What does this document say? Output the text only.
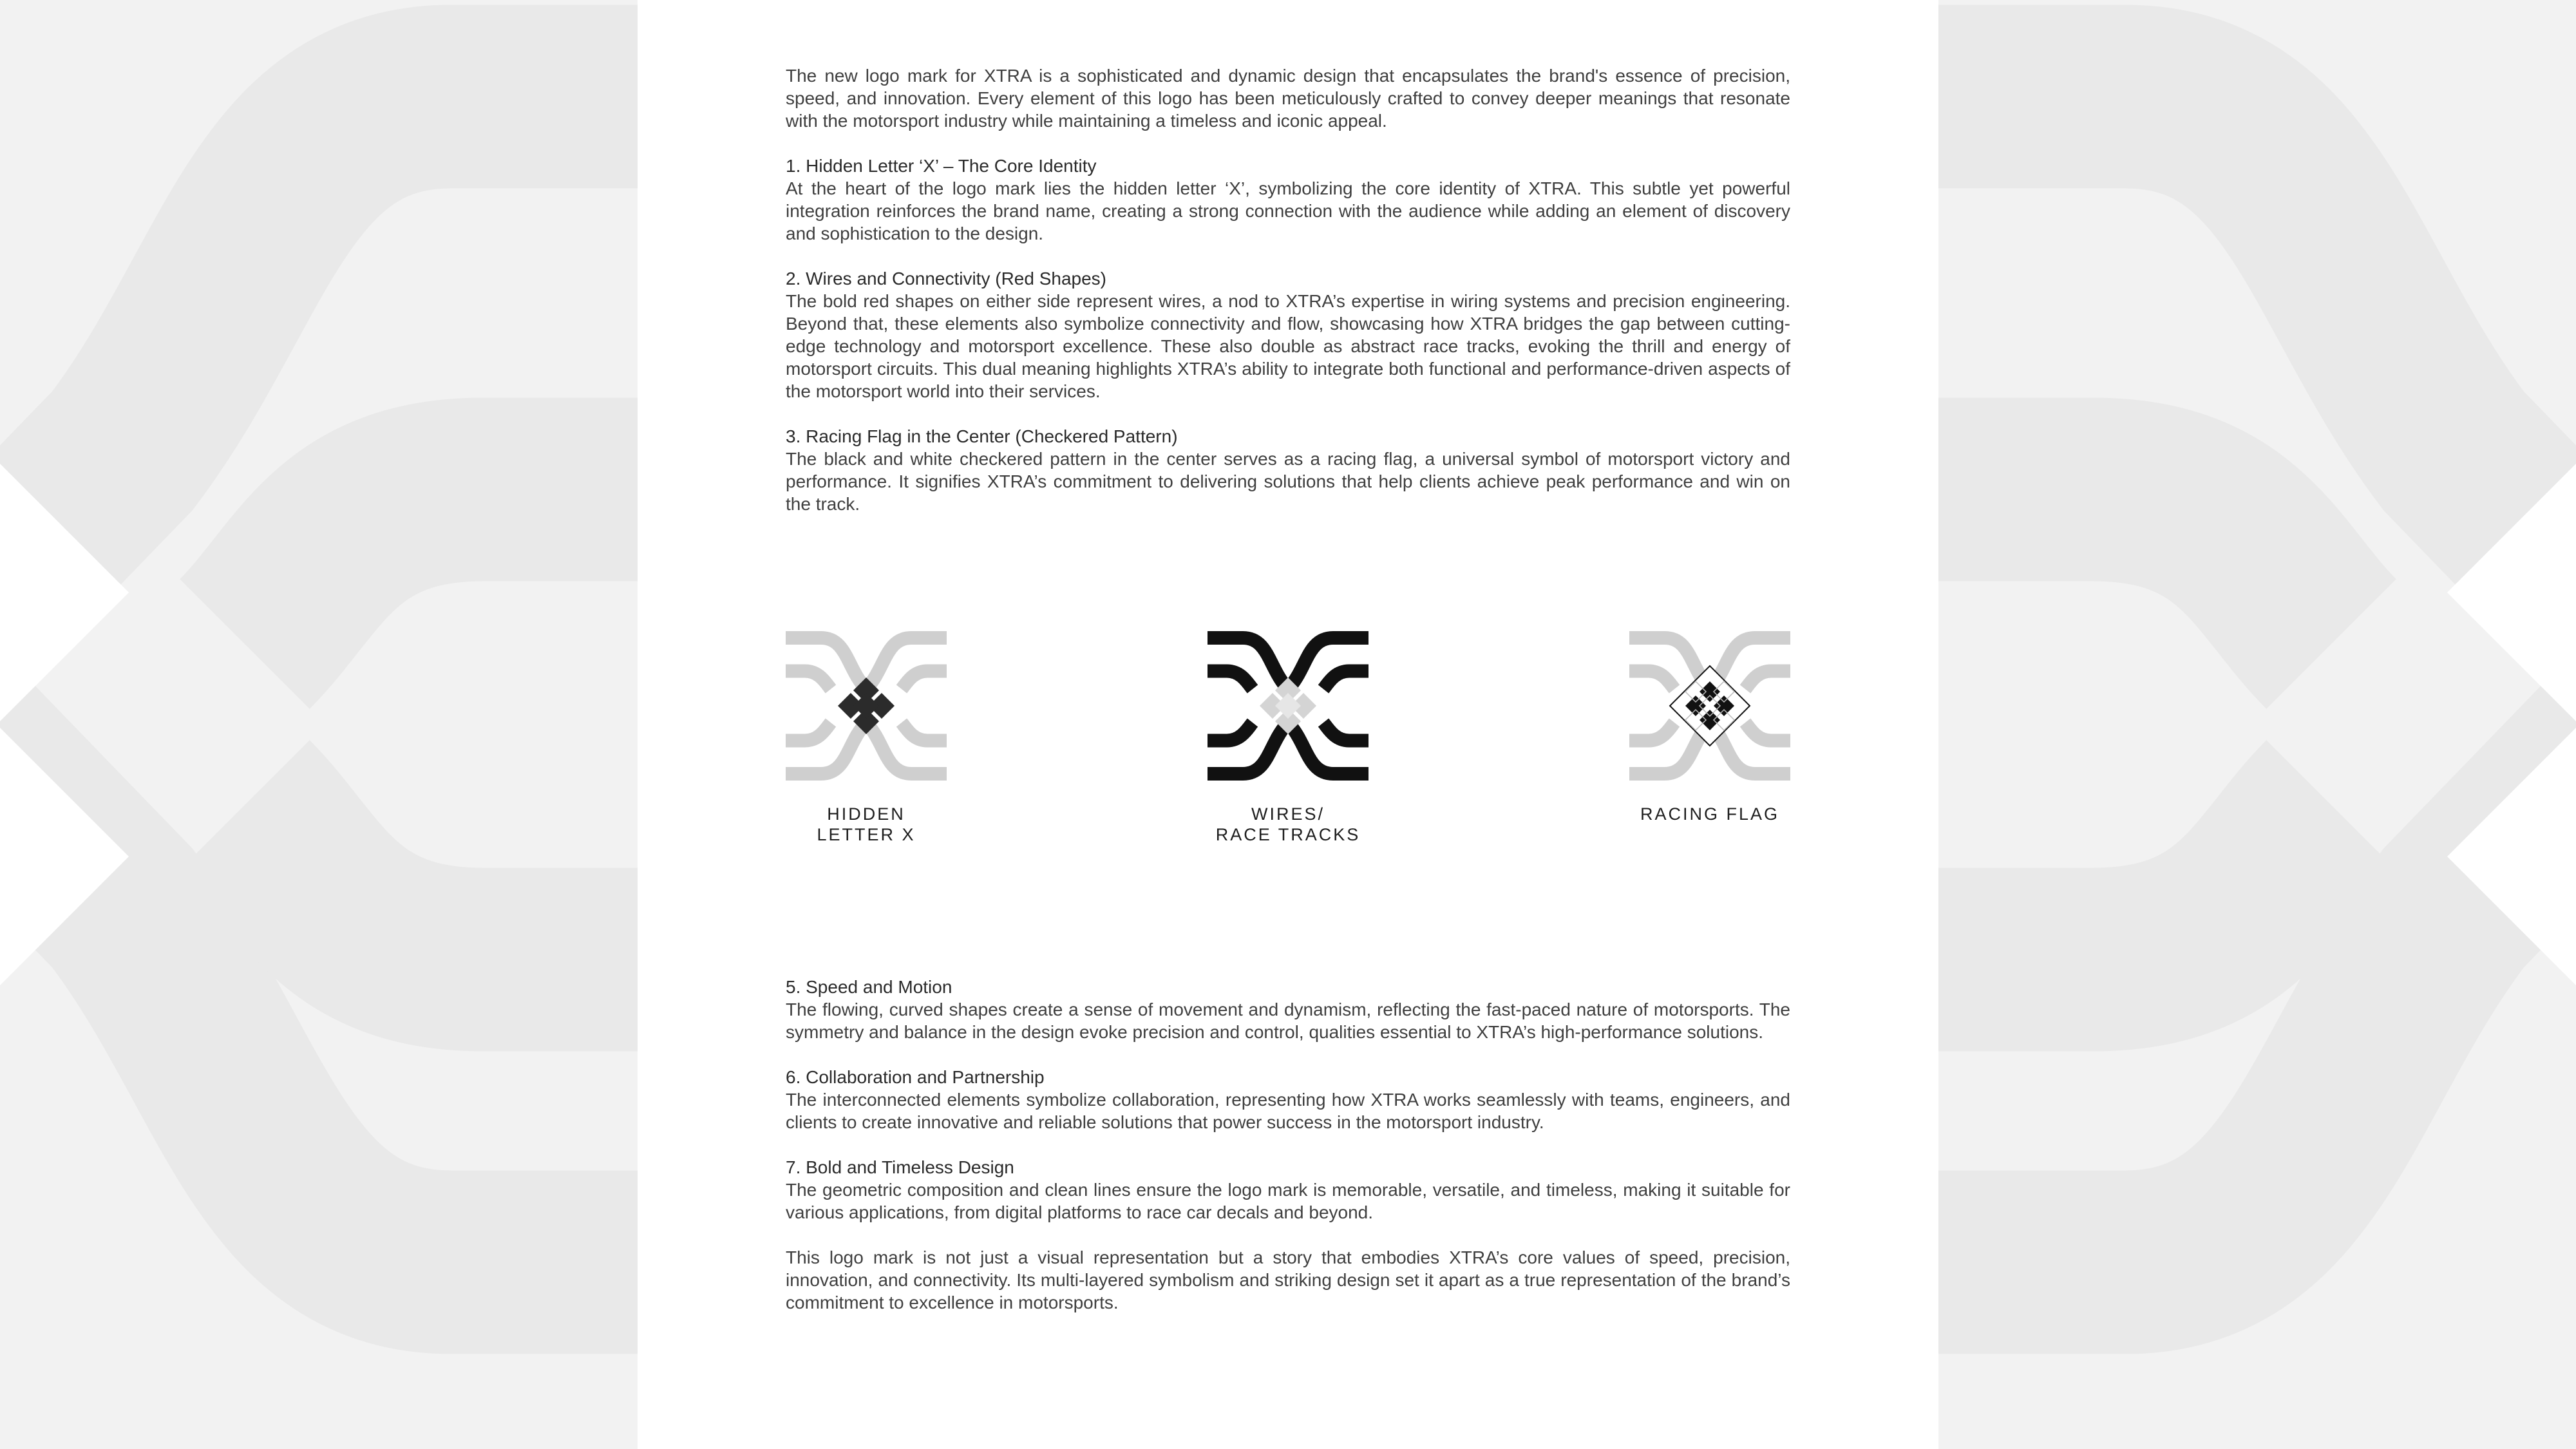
The new logo mark for XTRA is a sophisticated and dynamic design that encapsulates the brand's essence of precision, speed, and innovation. Every element of this logo has been meticulously crafted to convey deeper meanings that resonate with the motorsport industry while maintaining a timeless and iconic appeal.

1. Hidden Letter ‘X’ – The Core Identity

At the heart of the logo mark lies the hidden letter ‘X’, symbolizing the core identity of XTRA. This subtle yet powerful integration reinforces the brand name, creating a strong connection with the audience while adding an element of discovery and sophistication to the design.

2. Wires and Connectivity (Red Shapes)

The bold red shapes on either side represent wires, a nod to XTRA’s expertise in wiring systems and precision engineering. Beyond that, these elements also symbolize connectivity and flow, showcasing how XTRA bridges the gap between cutting-edge technology and motorsport excellence. These also double as abstract race tracks, evoking the thrill and energy of motorsport circuits. This dual meaning highlights XTRA’s ability to integrate both functional and performance-driven aspects of the motorsport world into their services.

3. Racing Flag in the Center (Checkered Pattern)

The black and white checkered pattern in the center serves as a racing flag, a universal symbol of motorsport victory and performance. It signifies XTRA’s commitment to delivering solutions that help clients achieve peak performance and win on the track.

HIDDEN LETTER X
WIRES/
RACE TRACKS
RACING FLAG
5. Speed and Motion

The flowing, curved shapes create a sense of movement and dynamism, reflecting the fast-paced nature of motorsports. The symmetry and balance in the design evoke precision and control, qualities essential to XTRA’s high-performance solutions.

6. Collaboration and Partnership

The interconnected elements symbolize collaboration, representing how XTRA works seamlessly with teams, engineers, and clients to create innovative and reliable solutions that power success in the motorsport industry.

7. Bold and Timeless Design

The geometric composition and clean lines ensure the logo mark is memorable, versatile, and timeless, making it suitable for various applications, from digital platforms to race car decals and beyond.

This logo mark is not just a visual representation but a story that embodies XTRA’s core values of speed, precision, innovation, and connectivity. Its multi-layered symbolism and striking design set it apart as a true representation of the brand’s commitment to excellence in motorsports.
